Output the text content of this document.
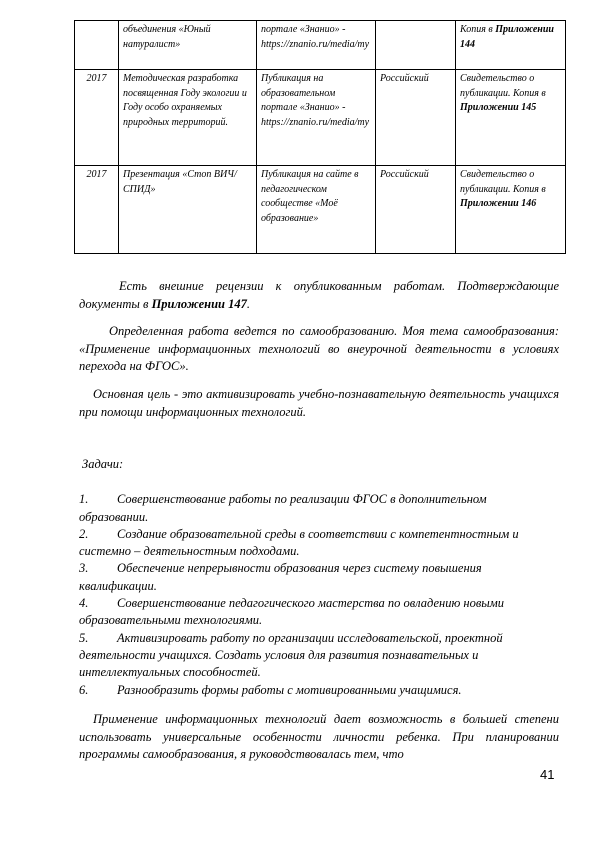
	объединения «Юный натуралист»	портале «Знанио» - https://znanio.ru/media/my		Копия в Приложении 144
2017	Методическая разработка посвященная Году экологии и Году особо охраняемых природных территорий.	Публикация на образовательном портале «Знанио» - https://znanio.ru/media/my	Российский	Свидетельство о публикации. Копия в Приложении 145
2017	Презентация «Стоп ВИЧ/СПИД»	Публикация на сайте в педагогическом сообществе «Моё образование»	Российский	Свидетельство о публикации. Копия в Приложении 146

Есть внешние рецензии к опубликованным работам. Подтверждающие документы в Приложении 147.

Определенная работа ведется по самообразованию. Моя тема самообразования: «Применение информационных технологий во внеурочной деятельности в условиях перехода на ФГОС».

Основная цель - это активизировать учебно-познавательную деятельность учащихся при помощи информационных технологий.

Задачи:

1. Совершенствование работы по реализации ФГОС в дополнительном образовании.

2. Создание образовательной среды в соответствии с компетентностным и системно – деятельностным подходами.

3. Обеспечение непрерывности образования через систему повышения квалификации.

4. Совершенствование педагогического мастерства по овладению новыми образовательными технологиями.

5. Активизировать работу по организации исследовательской, проектной деятельности учащихся. Создать условия для развития познавательных и интеллектуальных способностей.

6. Разнообразить формы работы с мотивированными учащимися.

Применение информационных технологий дает возможность в большей степени использовать универсальные особенности личности ребенка. При планировании программы самообразования, я руководствовалась тем, что

41
